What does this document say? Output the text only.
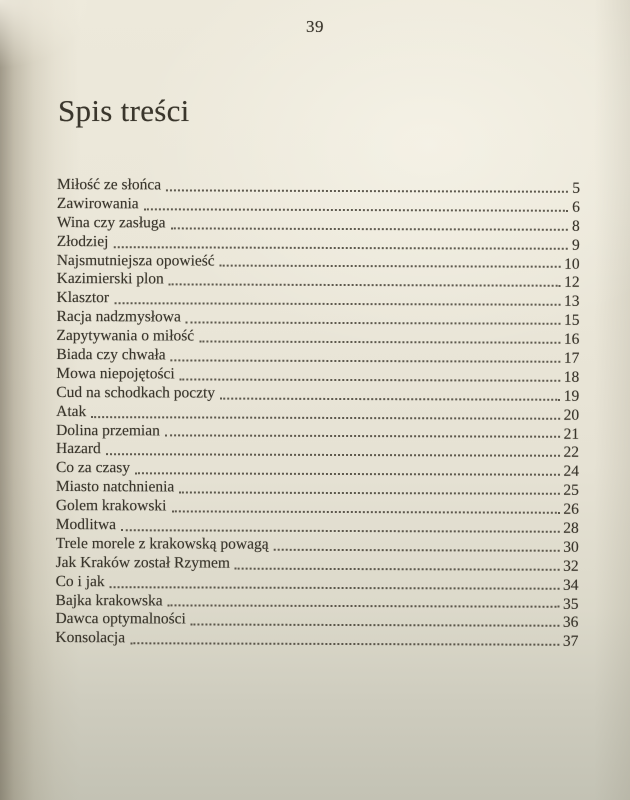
39
Spis treści
Miłość ze słońca	5
Zawirowania	6
Wina czy zasługa	8
Złodziej	9
Najsmutniejsza opowieść	10
Kazimierski plon	12
Klasztor	13
Racja nadzmysłowa	15
Zapytywania o miłość	16
Biada czy chwała	17
Mowa niepojętości	18
Cud na schodkach poczty	19
Atak	20
Dolina przemian	21
Hazard	22
Co za czasy	24
Miasto natchnienia	25
Golem krakowski	26
Modlitwa	28
Trele morele z krakowską powagą	30
Jak Kraków został Rzymem	32
Co i jak	34
Bajka krakowska	35
Dawca optymalności	36
Konsolacja	37
